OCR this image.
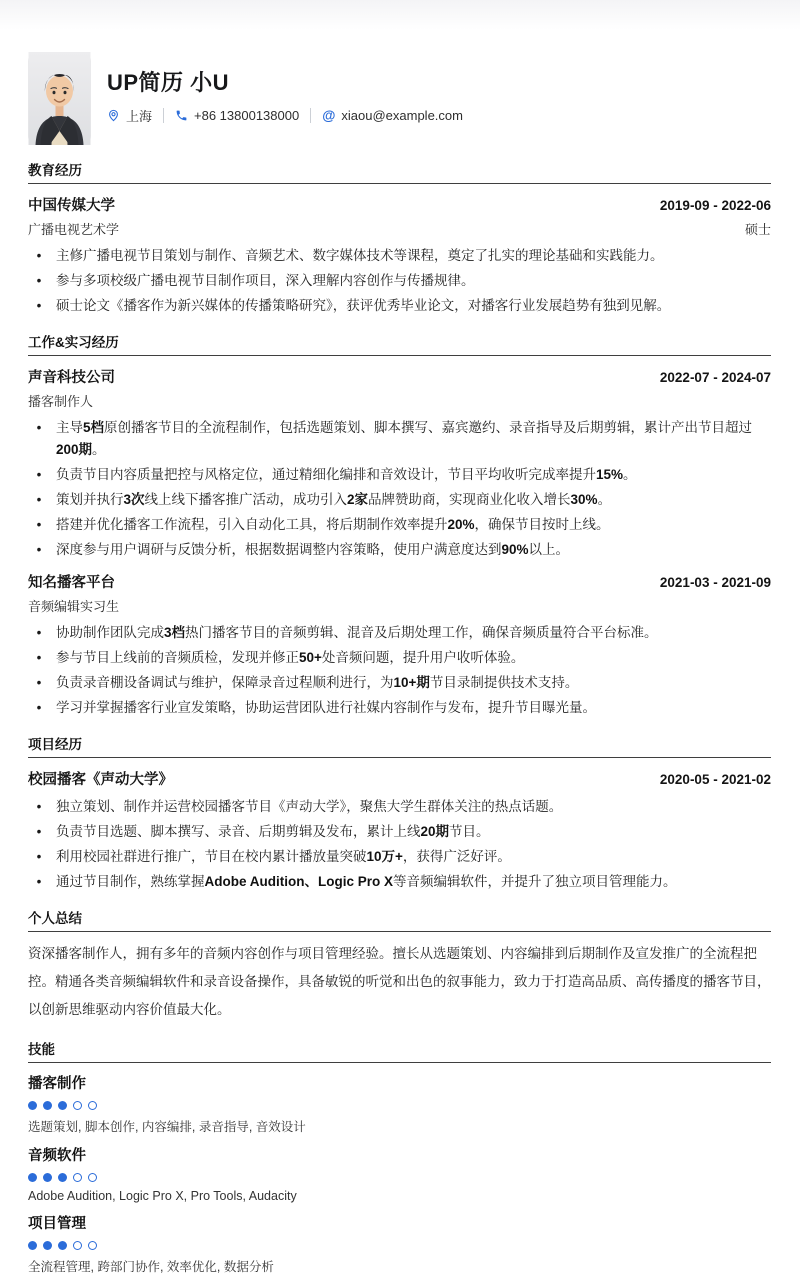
UP简历 小U
上海	+86 13800138000 @ xiaou@example.com
教育经历
中国传媒大学	2019-09 - 2022-06
广播电视艺术学	硕士
•	主修广播电视节目策划与制作、音频艺术、数字媒体技术等课程，奠定了扎实的理论基础和实践能力。
•	参与多项校级广播电视节目制作项目，深入理解内容创作与传播规律。
•	硕士论文《播客作为新兴媒体的传播策略研究》，获评优秀毕业论文，对播客行业发展趋势有独到见解。
工作&实习经历
声音科技公司	2022-07 - 2024-07
播客制作人
•	主导5档原创播客节目的全流程制作，包括选题策划、脚本撰写、嘉宾邀约、录音指导及后期剪辑，累计产出节目超过200期。
•	负责节目内容质量把控与风格定位，通过精细化编排和音效设计，节目平均收听完成率提升15%。
•	策划并执行3次线上线下播客推广活动，成功引入2家品牌赞助商，实现商业化收入增长30%。
•	搭建并优化播客工作流程，引入自动化工具，将后期制作效率提升20%，确保节目按时上线。
•	深度参与用户调研与反馈分析，根据数据调整内容策略，使用户满意度达到90%以上。
知名播客平台	2021-03 - 2021-09
音频编辑实习生
•	协助制作团队完成3档热门播客节目的音频剪辑、混音及后期处理工作，确保音频质量符合平台标准。
•	参与节目上线前的音频质检，发现并修正50+处音频问题，提升用户收听体验。
•	负责录音棚设备调试与维护，保障录音过程顺利进行，为10+期节目录制提供技术支持。
•	学习并掌握播客行业宣发策略，协助运营团队进行社媒内容制作与发布，提升节目曝光量。
项目经历
校园播客《声动大学》	2020-05 - 2021-02
•	独立策划、制作并运营校园播客节目《声动大学》，聚焦大学生群体关注的热点话题。
•	负责节目选题、脚本撰写、录音、后期剪辑及发布，累计上线20期节目。
•	利用校园社群进行推广，节目在校内累计播放量突破10万+，获得广泛好评。
•	通过节目制作，熟练掌握Adobe Audition、Logic Pro X等音频编辑软件，并提升了独立项目管理能力。
个人总结
资深播客制作人，拥有多年的音频内容创作与项目管理经验。擅长从选题策划、内容编排到后期制作及宣发推广的全流程把控。精通各类音频编辑软件和录音设备操作，具备敏锐的听觉和出色的叙事能力，致力于打造高品质、高传播度的播客节目，以创新思维驱动内容价值最大化。
技能
播客制作
选题策划, 脚本创作, 内容编排, 录音指导, 音效设计
音频软件
Adobe Audition, Logic Pro X, Pro Tools, Audacity
项目管理
全流程管理, 跨部门协作, 效率优化, 数据分析
